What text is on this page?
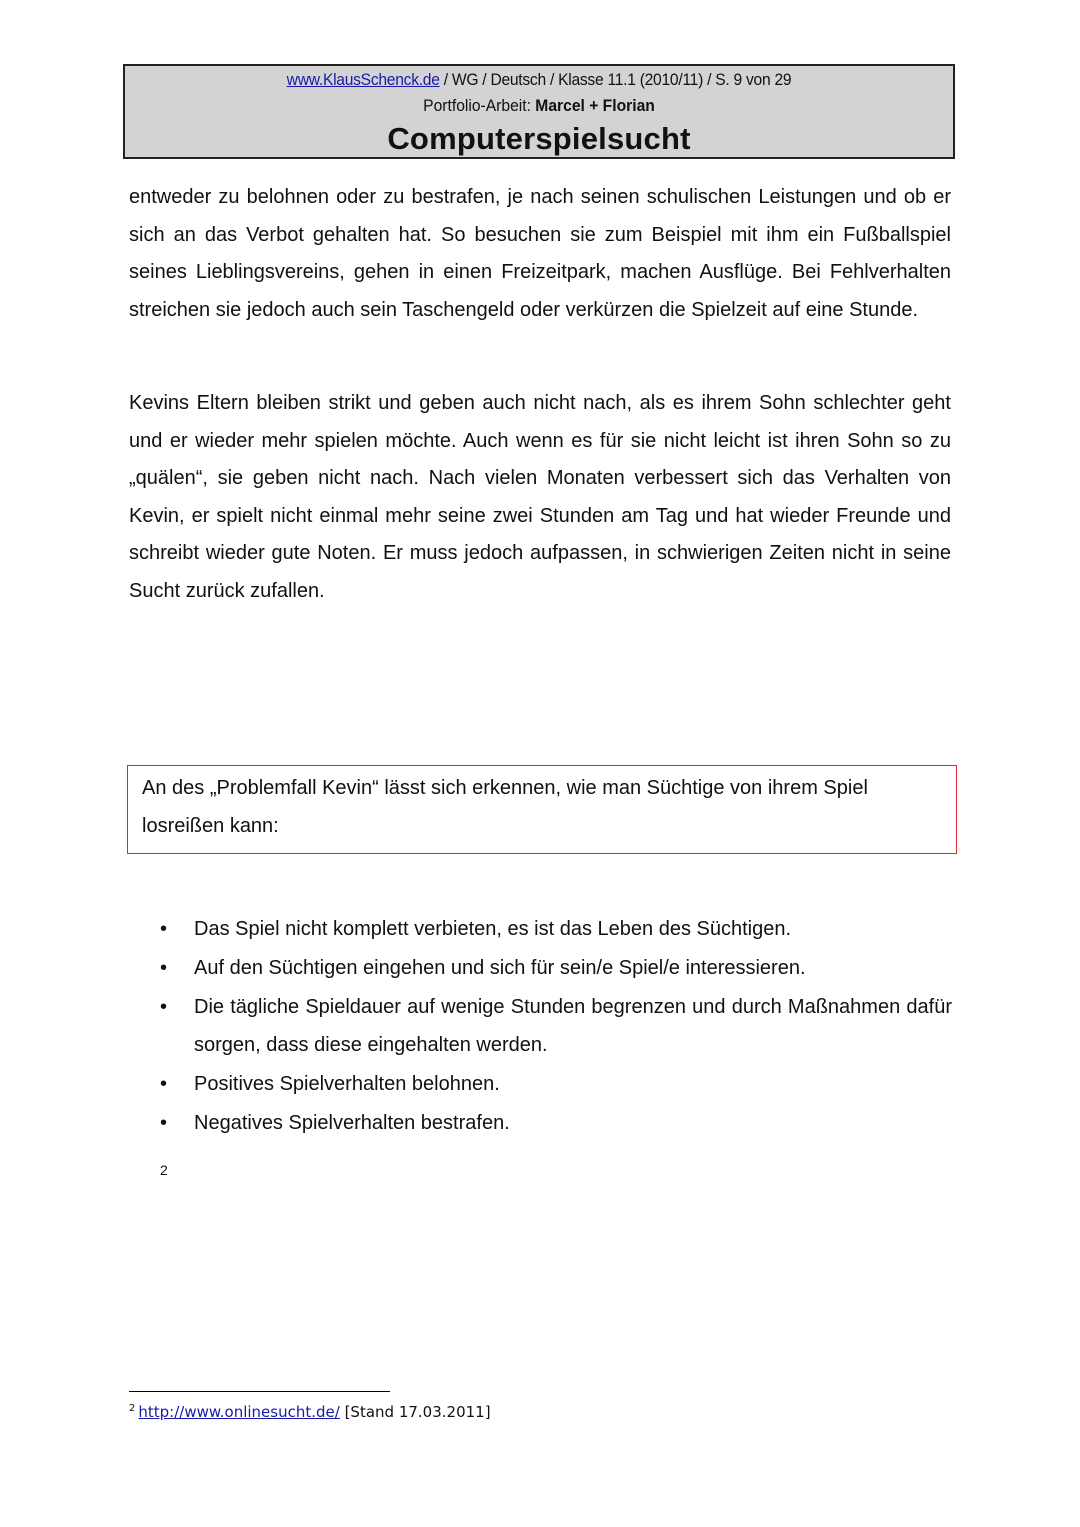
www.KlausSchenck.de / WG / Deutsch / Klasse 11.1 (2010/11) / S. 9 von 29
Portfolio-Arbeit: Marcel + Florian
Computerspielsucht

entweder zu belohnen oder zu bestrafen, je nach seinen schulischen Leistungen und ob er sich an das Verbot gehalten hat. So besuchen sie zum Beispiel mit ihm ein Fußballspiel seines Lieblingsvereins, gehen in einen Freizeitpark, machen Ausflüge. Bei Fehlverhalten streichen sie jedoch auch sein Taschengeld oder verkürzen die Spielzeit auf eine Stunde.

Kevins Eltern bleiben strikt und geben auch nicht nach, als es ihrem Sohn schlechter geht und er wieder mehr spielen möchte. Auch wenn es für sie nicht leicht ist ihren Sohn so zu „quälen“, sie geben nicht nach. Nach vielen Monaten verbessert sich das Verhalten von Kevin, er spielt nicht einmal mehr seine zwei Stunden am Tag und hat wieder Freunde und schreibt wieder gute Noten. Er muss jedoch aufpassen, in schwierigen Zeiten nicht in seine Sucht zurück zufallen.

An des „Problemfall Kevin“ lässt sich erkennen, wie man Süchtige von ihrem Spiel losreißen kann:
• Das Spiel nicht komplett verbieten, es ist das Leben des Süchtigen.
• Auf den Süchtigen eingehen und sich für sein/e Spiel/e interessieren.
• Die tägliche Spieldauer auf wenige Stunden begrenzen und durch Maßnahmen dafür sorgen, dass diese eingehalten werden.
• Positives Spielverhalten belohnen.
• Negatives Spielverhalten bestrafen.
2
$^2$ http://www.onlinesucht.de/ [Stand 17.03.2011]
